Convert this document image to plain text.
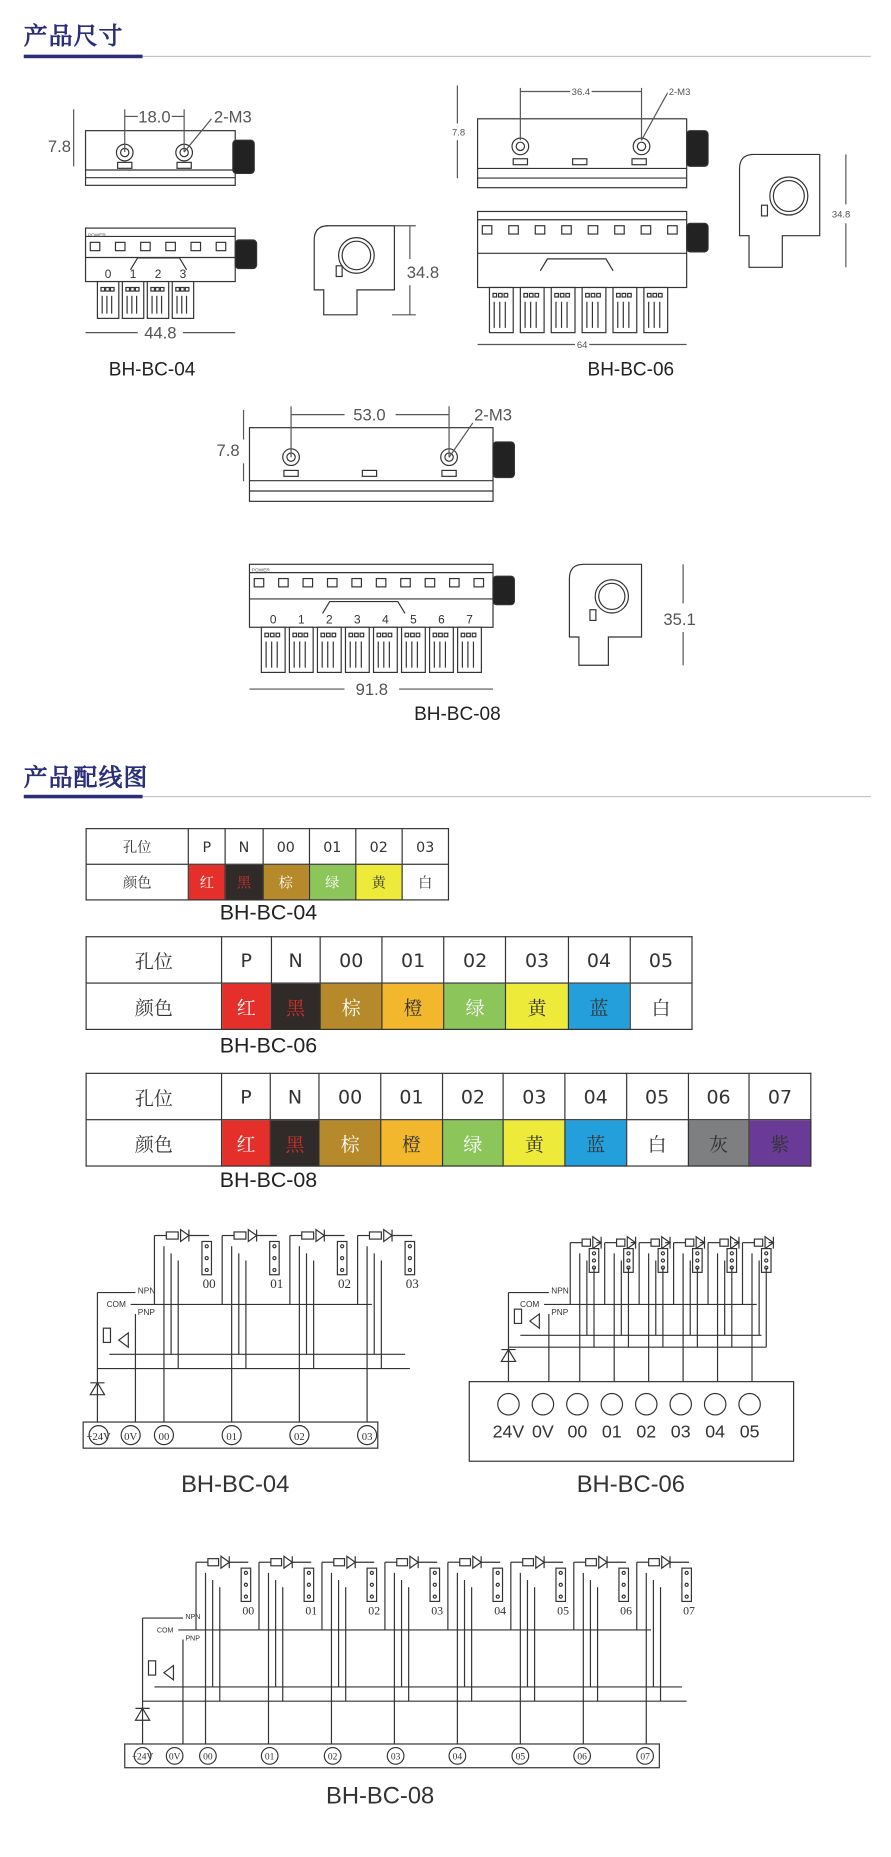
产品尺寸
产品配线图
0 1 2 3
0 1 2 3 4 5 6 7
00	01	02	03
NPN
COM
PNP
+24V 0V 00	01	02	03
NPN
COM
PNP
24V 0V 00 01 02 03 04 05
00	01	02	03	04	05	06	07
NPN
COM
PNP
+24V 0V	00	01	02	03	04	05	06	07
18.0	2-M3
7.8
44.8
34.8
53.0	2-M3
7.8
91.8
35.1
36.4	2-M3
7.8
64
34.8
POWER
POWER
BH-BC-04	BH-BC-06
BH-BC-08
BH-BC-04	BH-BC-06
BH-BC-08
孔位	P	N	00	01	02	03
颜色	红	黑	棕	绿	黄	白
BH-BC-04
孔位	P	N	00	01	02	03	04	05
颜色	红	黑	棕	橙	绿	黄	蓝	白
BH-BC-06
孔位	P	N	00	01	02	03	04	05	06	07
颜色	红	黑	棕	橙	绿	黄	蓝	白	灰	紫
BH-BC-08
